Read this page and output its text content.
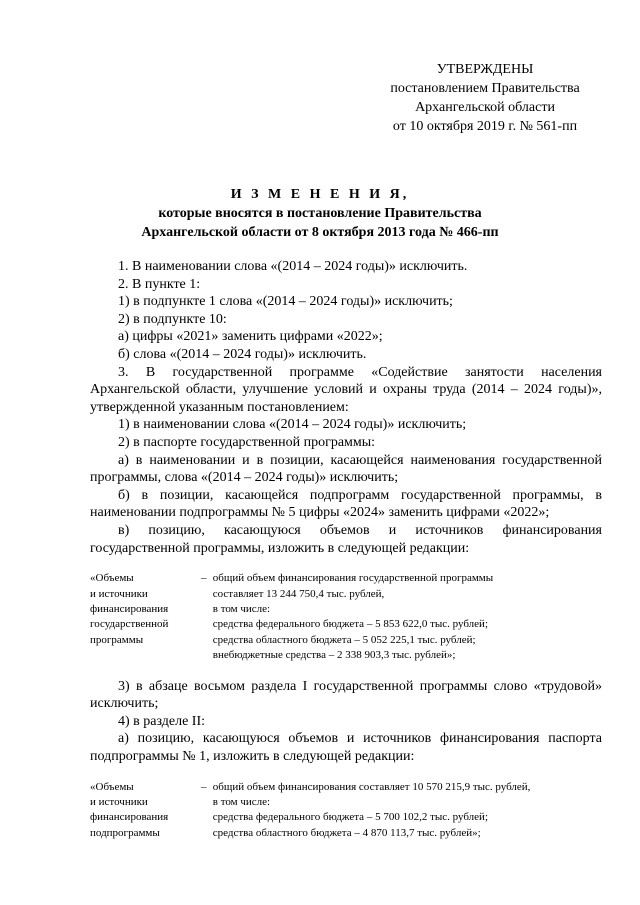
УТВЕРЖДЕНЫ
постановлением Правительства
Архангельской области
от 10 октября 2019 г. № 561-пп
И З М Е Н Е Н И Я,
которые вносятся в постановление Правительства
Архангельской области от 8 октября 2013 года № 466-пп

1. В наименовании слова «(2014 – 2024 годы)» исключить.

2. В пункте 1:

1) в подпункте 1 слова «(2014 – 2024 годы)» исключить;

2) в подпункте 10:

а) цифры «2021» заменить цифрами «2022»;

б) слова «(2014 – 2024 годы)» исключить.

3. В государственной программе «Содействие занятости населения Архангельской области, улучшение условий и охраны труда (2014 – 2024 годы)», утвержденной указанным постановлением:

1) в наименовании слова «(2014 – 2024 годы)» исключить;

2) в паспорте государственной программы:

а) в наименовании и в позиции, касающейся наименования государственной программы, слова «(2014 – 2024 годы)» исключить;

б) в позиции, касающейся подпрограмм государственной программы, в наименовании подпрограммы № 5 цифры «2024» заменить цифрами «2022»;

в) позицию, касающуюся объемов и источников финансирования государственной программы, изложить в следующей редакции:

«Объемы
и источники
финансирования
государственной
программы
– общий объем финансирования государственной программы
составляет 13 244 750,4 тыс. рублей,
в том числе:
средства федерального бюджета – 5 853 622,0 тыс. рублей;
средства областного бюджета – 5 052 225,1 тыс. рублей;
внебюджетные средства – 2 338 903,3 тыс. рублей»;

3) в абзаце восьмом раздела I государственной программы слово «трудовой» исключить;

4) в разделе II:

а) позицию, касающуюся объемов и источников финансирования паспорта подпрограммы № 1, изложить в следующей редакции:

«Объемы
и источники
финансирования
подпрограммы
– общий объем финансирования составляет 10 570 215,9 тыс. рублей,
в том числе:
средства федерального бюджета – 5 700 102,2 тыс. рублей;
средства областного бюджета – 4 870 113,7 тыс. рублей»;
